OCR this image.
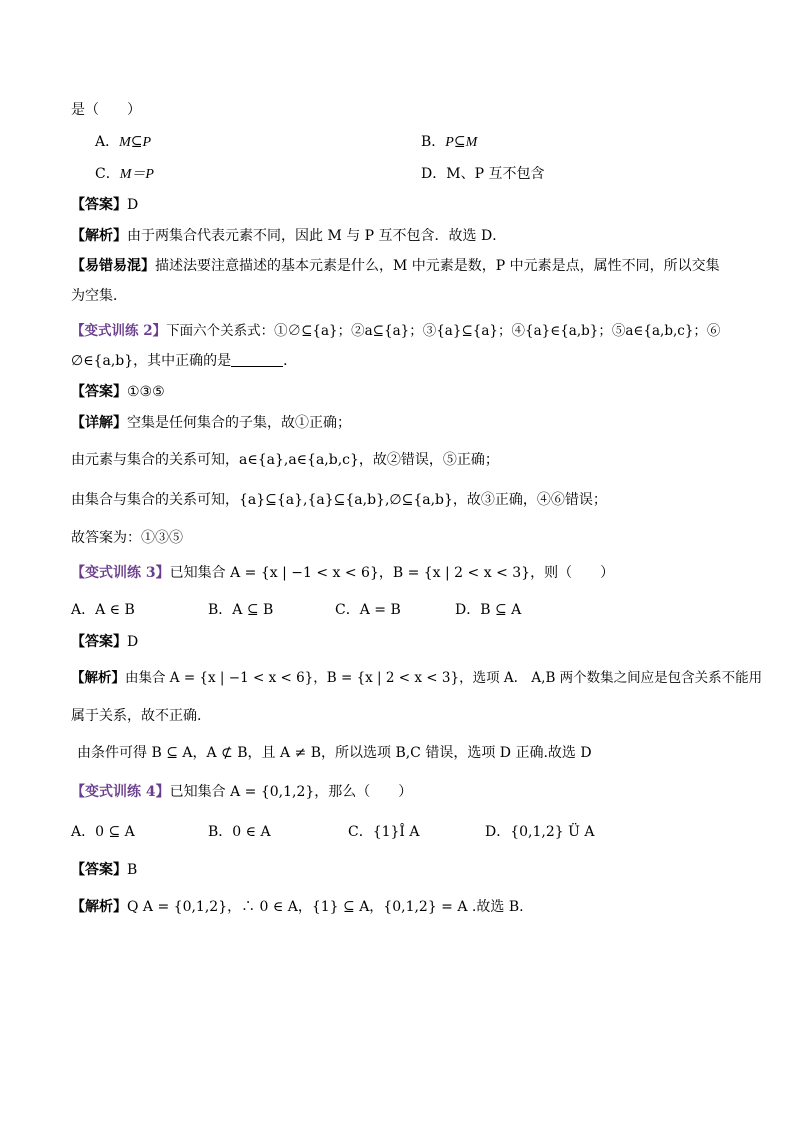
是（　　）
A．M⊆P	B．P⊆M
C．M＝P	D．M、P 互不包含
【答案】D
【解析】由于两集合代表元素不同，因此 M 与 P 互不包含．故选 D．
【易错易混】描述法要注意描述的基本元素是什么，M 中元素是数，P 中元素是点，属性不同，所以交集
为空集．
【变式训练 2】下面六个关系式：①∅⊆{a}；②a⊆{a}；③{a}⊆{a}；④{a}∈{a,b}；⑤a∈{a,b,c}；⑥
∅∈{a,b}，其中正确的是	．
【答案】①③⑤
【详解】空集是任何集合的子集，故①正确；
由元素与集合的关系可知，a∈{a},a∈{a,b,c}，故②错误，⑤正确；
由集合与集合的关系可知，{a}⊆{a},{a}⊆{a,b},∅⊆{a,b}，故③正确，④⑥错误；
故答案为：①③⑤
【变式训练 3】已知集合 A = {x | −1 < x < 6}，B = {x | 2 < x < 3}，则（　　）
A．A ∈ B	B．A ⊆ B	C．A = B	D．B ⊆ A
【答案】D
【解析】由集合 A = {x | −1 < x < 6}，B = {x | 2 < x < 3}，选项 A.　A,B 两个数集之间应是包含关系不能用
属于关系，故不正确.
由条件可得 B ⊆ A，A ⊄ B，且 A ≠ B，所以选项 B,C 错误，选项 D 正确.故选 D
【变式训练 4】已知集合 A = {0,1,2}，那么（　　）
A．0 ⊆ A	B．0 ∈ A	C．{1}Î A	D．{0,1,2} Ü A
【答案】B
【解析】Q A = {0,1,2}，∴ 0 ∈ A，{1} ⊆ A，{0,1,2} = A .故选 B.
